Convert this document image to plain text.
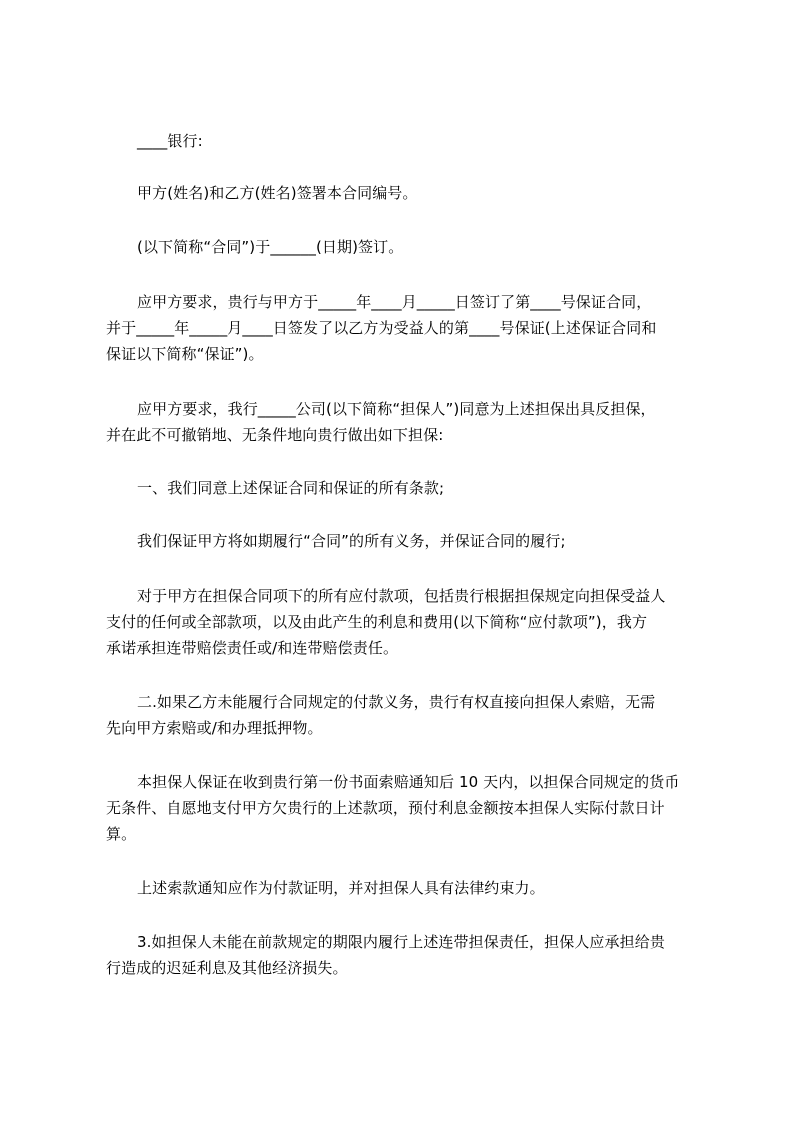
____银行:
甲方(姓名)和乙方(姓名)签署本合同编号。
(以下简称“合同”)于______(日期)签订。
应甲方要求，贵行与甲方于_____年____月_____日签订了第____号保证合同，
并于_____年_____月____日签发了以乙方为受益人的第____号保证(上述保证合同和
保证以下简称“保证”)。
应甲方要求，我行_____公司(以下简称“担保人”)同意为上述担保出具反担保，
并在此不可撤销地、无条件地向贵行做出如下担保:
一、我们同意上述保证合同和保证的所有条款;
我们保证甲方将如期履行“合同”的所有义务，并保证合同的履行;
对于甲方在担保合同项下的所有应付款项，包括贵行根据担保规定向担保受益人
支付的任何或全部款项，以及由此产生的利息和费用(以下简称“应付款项”)，我方
承诺承担连带赔偿责任或/和连带赔偿责任。
二.如果乙方未能履行合同规定的付款义务，贵行有权直接向担保人索赔，无需
先向甲方索赔或/和办理抵押物。
本担保人保证在收到贵行第一份书面索赔通知后 10 天内，以担保合同规定的货币
无条件、自愿地支付甲方欠贵行的上述款项，预付利息金额按本担保人实际付款日计
算。
上述索款通知应作为付款证明，并对担保人具有法律约束力。
3.如担保人未能在前款规定的期限内履行上述连带担保责任，担保人应承担给贵
行造成的迟延利息及其他经济损失。
